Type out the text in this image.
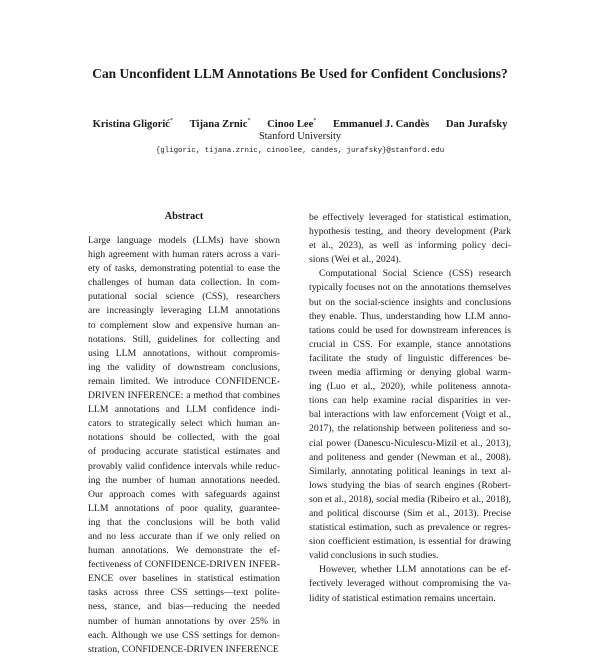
Can Unconfident LLM Annotations Be Used for Confident Conclusions?
Kristina Gligorić* Tijana Zrnic* Cinoo Lee* Emmanuel J. Candès Dan Jurafsky
Stanford University
{gligoric, tijana.zrnic, cinoolee, candes, jurafsky}@stanford.edu
Abstract
Large language models (LLMs) have shown
high agreement with human raters across a vari-
ety of tasks, demonstrating potential to ease the
challenges of human data collection. In com-
putational social science (CSS), researchers
are increasingly leveraging LLM annotations
to complement slow and expensive human an-
notations. Still, guidelines for collecting and
using LLM annotations, without compromis-
ing the validity of downstream conclusions,
remain limited. We introduce CONFIDENCE-
DRIVEN INFERENCE: a method that combines
LLM annotations and LLM confidence indi-
cators to strategically select which human an-
notations should be collected, with the goal
of producing accurate statistical estimates and
provably valid confidence intervals while reduc-
ing the number of human annotations needed.
Our approach comes with safeguards against
LLM annotations of poor quality, guarantee-
ing that the conclusions will be both valid
and no less accurate than if we only relied on
human annotations. We demonstrate the ef-
fectiveness of CONFIDENCE-DRIVEN INFER-
ENCE over baselines in statistical estimation
tasks across three CSS settings—text polite-
ness, stance, and bias—reducing the needed
number of human annotations by over 25% in
each. Although we use CSS settings for demon-
stration, CONFIDENCE-DRIVEN INFERENCE
be effectively leveraged for statistical estimation,
hypothesis testing, and theory development (Park
et al., 2023), as well as informing policy deci-
sions (Wei et al., 2024).
Computational Social Science (CSS) research
typically focuses not on the annotations themselves
but on the social-science insights and conclusions
they enable. Thus, understanding how LLM anno-
tations could be used for downstream inferences is
crucial in CSS. For example, stance annotations
facilitate the study of linguistic differences be-
tween media affirming or denying global warm-
ing (Luo et al., 2020), while politeness annota-
tions can help examine racial disparities in ver-
bal interactions with law enforcement (Voigt et al.,
2017), the relationship between politeness and so-
cial power (Danescu-Niculescu-Mizil et al., 2013),
and politeness and gender (Newman et al., 2008).
Similarly, annotating political leanings in text al-
lows studying the bias of search engines (Robert-
son et al., 2018), social media (Ribeiro et al., 2018),
and political discourse (Sim et al., 2013). Precise
statistical estimation, such as prevalence or regres-
sion coefficient estimation, is essential for drawing
valid conclusions in such studies.
However, whether LLM annotations can be ef-
fectively leveraged without compromising the va-
lidity of statistical estimation remains uncertain.
